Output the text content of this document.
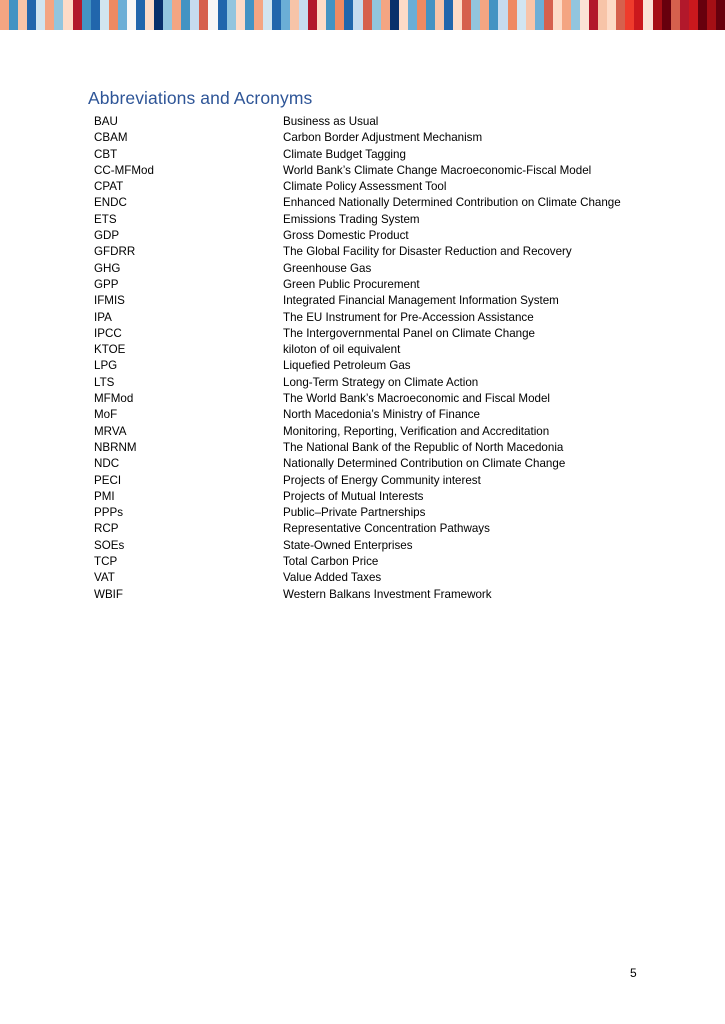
Abbreviations and Acronyms
BAU	Business as Usual
CBAM	Carbon Border Adjustment Mechanism
CBT	Climate Budget Tagging
CC-MFMod	World Bank’s Climate Change Macroeconomic-Fiscal Model
CPAT	Climate Policy Assessment Tool
ENDC	Enhanced Nationally Determined Contribution on Climate Change
ETS	Emissions Trading System
GDP	Gross Domestic Product
GFDRR	The Global Facility for Disaster Reduction and Recovery
GHG	Greenhouse Gas
GPP	Green Public Procurement
IFMIS	Integrated Financial Management Information System
IPA	The EU Instrument for Pre-Accession Assistance
IPCC	The Intergovernmental Panel on Climate Change
KTOE	kiloton of oil equivalent
LPG	Liquefied Petroleum Gas
LTS	Long-Term Strategy on Climate Action
MFMod	The World Bank’s Macroeconomic and Fiscal Model
MoF	North Macedonia’s Ministry of Finance
MRVA	Monitoring, Reporting, Verification and Accreditation
NBRNM	The National Bank of the Republic of North Macedonia
NDC	Nationally Determined Contribution on Climate Change
PECI	Projects of Energy Community interest
PMI	Projects of Mutual Interests
PPPs	Public–Private Partnerships
RCP	Representative Concentration Pathways
SOEs	State-Owned Enterprises
TCP	Total Carbon Price
VAT	Value Added Taxes
WBIF	Western Balkans Investment Framework
5
